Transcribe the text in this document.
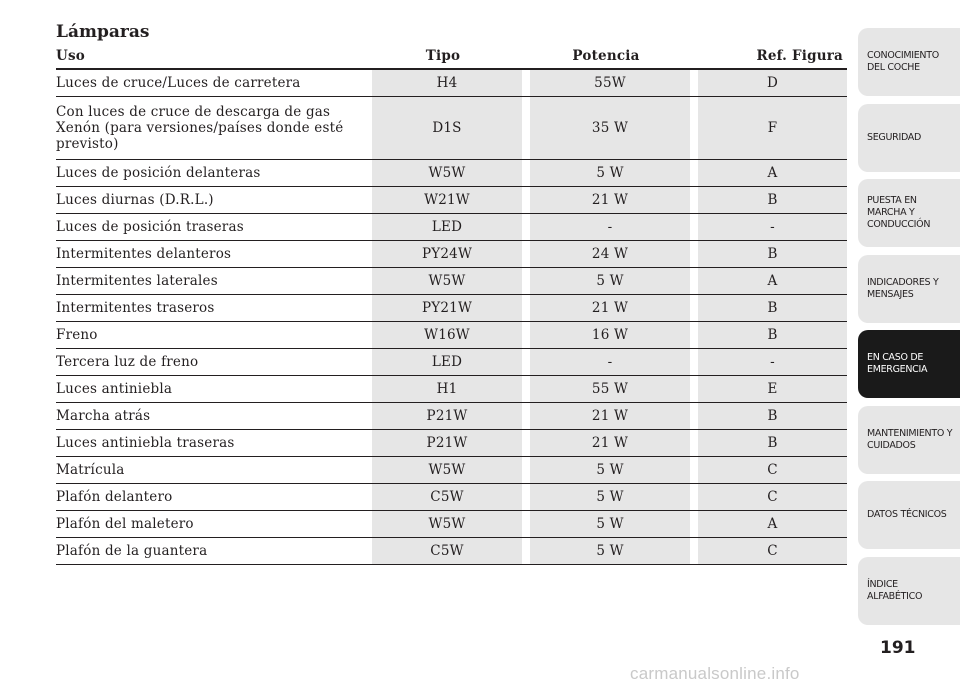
Lámparas
Uso	Tipo	Potencia	Ref. Figura
Luces de cruce/Luces de carretera	H4	55W	D

Con luces de cruce de descarga de gas
Xenón (para versiones/países donde esté
previsto)	D1S	35 W	F

Luces de posición delanteras	W5W	5 W	A

Luces diurnas (D.R.L.)	W21W	21 W	B

Luces de posición traseras	LED	-	-

Intermitentes delanteros	PY24W	24 W	B

Intermitentes laterales	W5W	5 W	A

Intermitentes traseros	PY21W	21 W	B

Freno	W16W	16 W	B

Tercera luz de freno	LED	-	-

Luces antiniebla	H1	55 W	E

Marcha atrás	P21W	21 W	B

Luces antiniebla traseras	P21W	21 W	B

Matrícula	W5W	5 W	C

Plafón delantero	C5W	5 W	C

Plafón del maletero	W5W	5 W	A

Plafón de la guantera	C5W	5 W	C
CONOCIMIENTO
DEL COCHE
SEGURIDAD
PUESTA EN
MARCHA Y
CONDUCCIÓN
INDICADORES Y
MENSAJES
EN CASO DE
EMERGENCIA
MANTENIMIENTO Y
CUIDADOS
DATOS TÉCNICOS
ÍNDICE
ALFABÉTICO
191
carmanualsonline.info
